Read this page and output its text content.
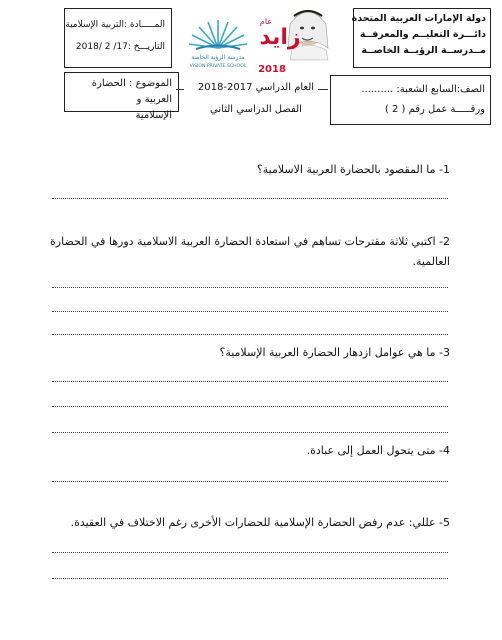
دولة الإمارات العربية المتحدة
دائـــرة التعليــم والمعرفــة
مــدرســة الرؤيــة الخاصــة
المـــــادة :التربية الإسلامية
التاريـــخ :17/ 2 /2018
مدرسة الرؤية الخاصة
VISION PRIVATE SCHOOL
زايد
عام
2018
الصف:السابع الشعبة: ..........
ورقـــــة عمل رقم ( 2 )
الموضوع : الحضارة العربية و
الإسلامية
العام الدراسي 2017-2018
الفصل الدراسي الثاني
1- ما المقصود بالحضارة العربية الاسلامية؟
2- اكتبي ثلاثة مقترحات تساهم في استعادة الحضارة العربية الاسلامية دورها في الحضارة العالمية.
3- ما هي عوامل ازدهار الحضارة العربية الإسلامية؟
4- متى يتحول العمل إلى عبادة.
5- عللي: عدم رفض الحضارة الإسلامية للحضارات الأخرى رغم الاختلاف في العقيدة.
